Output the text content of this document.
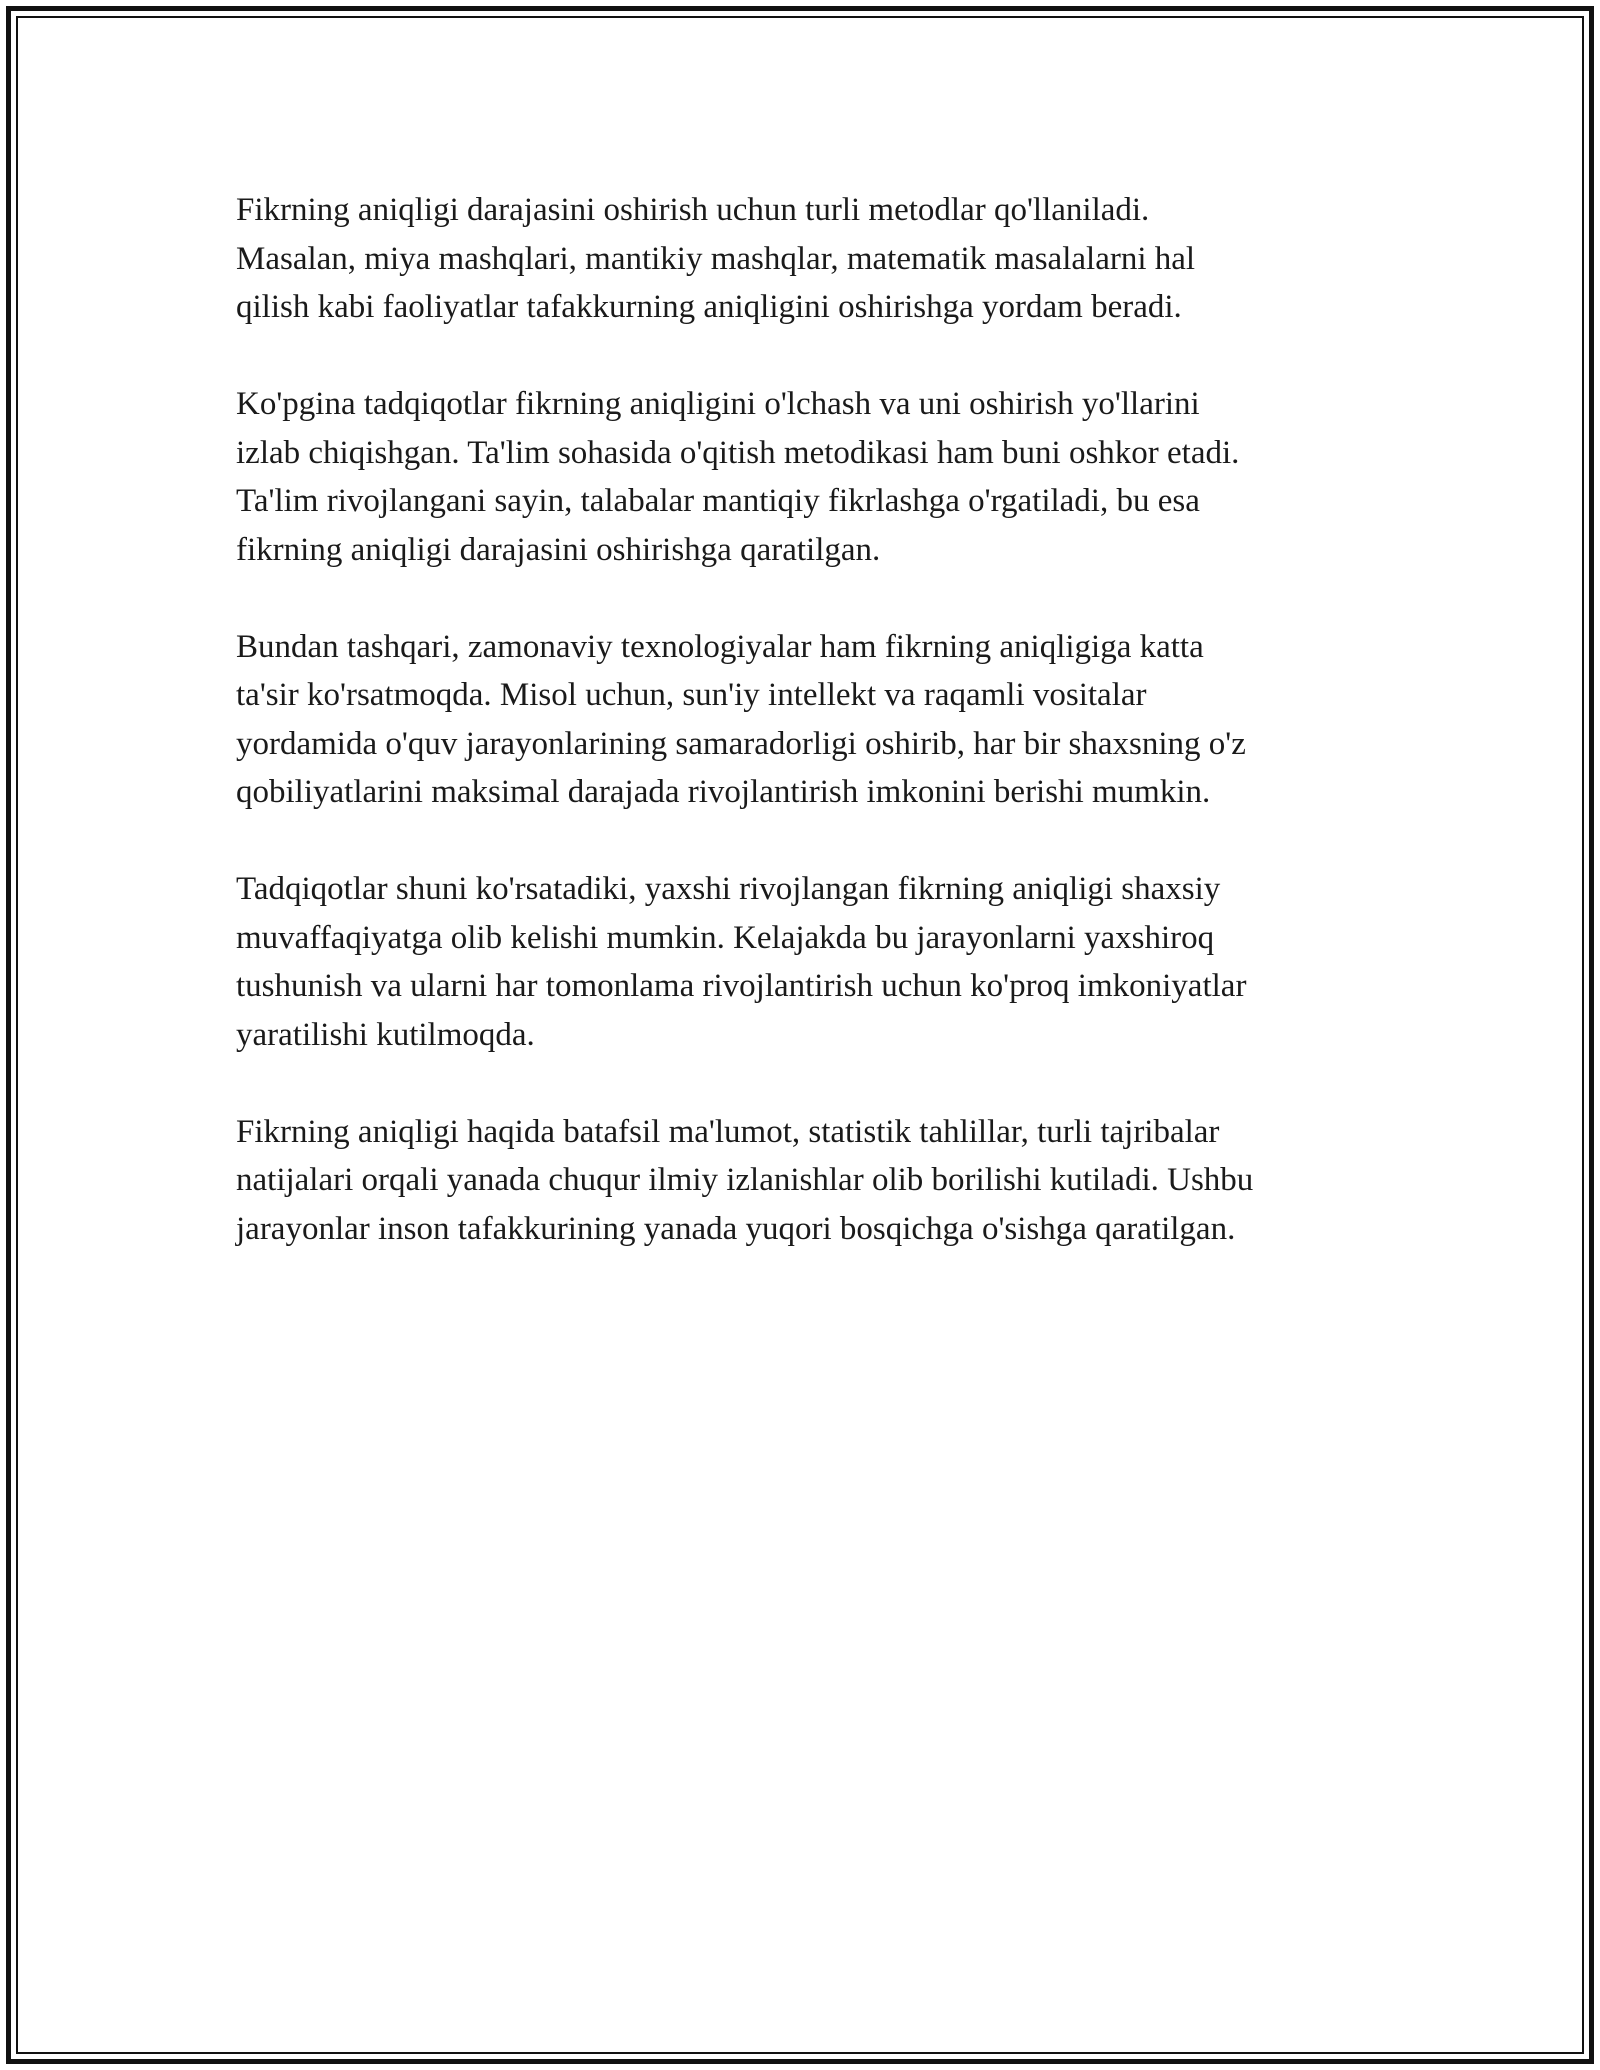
Fikrning aniqligi darajasini oshirish uchun turli metodlar qo'llaniladi.
Masalan, miya mashqlari, mantikiy mashqlar, matematik masalalarni hal
qilish kabi faoliyatlar tafakkurning aniqligini oshirishga yordam beradi.

Ko'pgina tadqiqotlar fikrning aniqligini o'lchash va uni oshirish yo'llarini
izlab chiqishgan. Ta'lim sohasida o'qitish metodikasi ham buni oshkor etadi.
Ta'lim rivojlangani sayin, talabalar mantiqiy fikrlashga o'rgatiladi, bu esa
fikrning aniqligi darajasini oshirishga qaratilgan.

Bundan tashqari, zamonaviy texnologiyalar ham fikrning aniqligiga katta
ta'sir ko'rsatmoqda. Misol uchun, sun'iy intellekt va raqamli vositalar
yordamida o'quv jarayonlarining samaradorligi oshirib, har bir shaxsning o'z
qobiliyatlarini maksimal darajada rivojlantirish imkonini berishi mumkin.

Tadqiqotlar shuni ko'rsatadiki, yaxshi rivojlangan fikrning aniqligi shaxsiy
muvaffaqiyatga olib kelishi mumkin. Kelajakda bu jarayonlarni yaxshiroq
tushunish va ularni har tomonlama rivojlantirish uchun ko'proq imkoniyatlar
yaratilishi kutilmoqda.

Fikrning aniqligi haqida batafsil ma'lumot, statistik tahlillar, turli tajribalar
natijalari orqali yanada chuqur ilmiy izlanishlar olib borilishi kutiladi. Ushbu
jarayonlar inson tafakkurining yanada yuqori bosqichga o'sishga qaratilgan.
